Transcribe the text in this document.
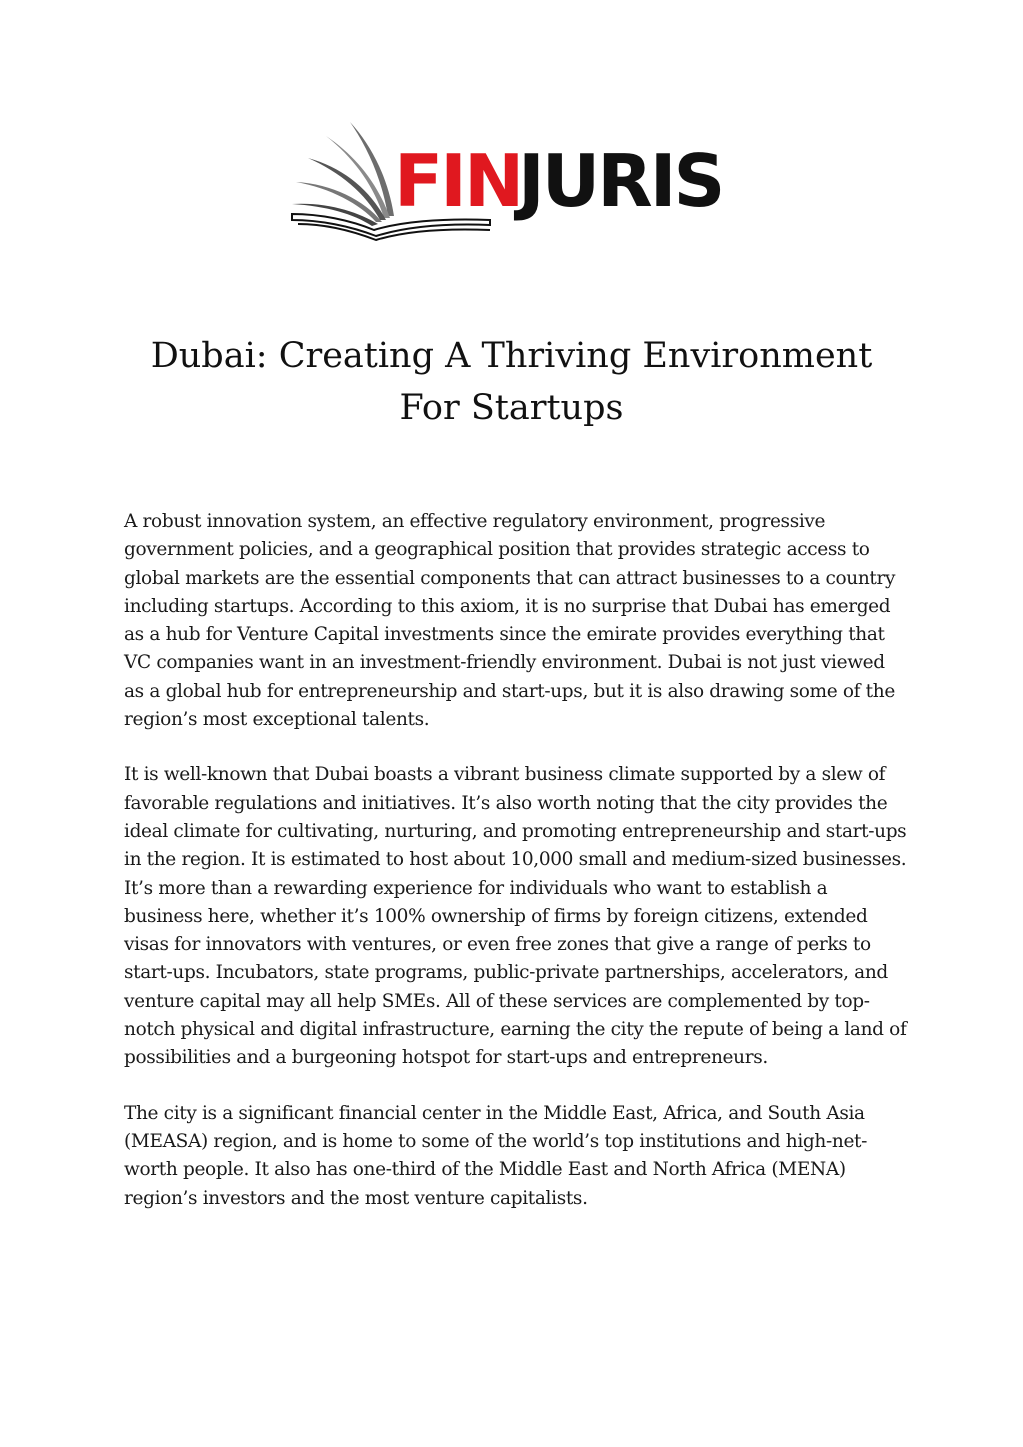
FIN
JURIS
Dubai: Creating A Thriving Environment
For Startups

A robust innovation system, an effective regulatory environment, progressive government policies, and a geographical position that provides strategic access to global markets are the essential components that can attract businesses to a country including startups. According to this axiom, it is no surprise that Dubai has emerged as a hub for Venture Capital investments since the emirate provides everything that VC companies want in an investment-friendly environment. Dubai is not just viewed as a global hub for entrepreneurship and start-ups, but it is also drawing some of the region’s most exceptional talents.

It is well-known that Dubai boasts a vibrant business climate supported by a slew of favorable regulations and initiatives. It’s also worth noting that the city provides the ideal climate for cultivating, nurturing, and promoting entrepreneurship and start-ups in the region. It is estimated to host about 10,000 small and medium-sized businesses. It’s more than a rewarding experience for individuals who want to establish a business here, whether it’s 100% ownership of firms by foreign citizens, extended visas for innovators with ventures, or even free zones that give a range of perks to start-ups. Incubators, state programs, public-private partnerships, accelerators, and venture capital may all help SMEs. All of these services are complemented by top-notch physical and digital infrastructure, earning the city the repute of being a land of possibilities and a burgeoning hotspot for start-ups and entrepreneurs.

The city is a significant financial center in the Middle East, Africa, and South Asia (MEASA) region, and is home to some of the world’s top institutions and high-net-worth people. It also has one-third of the Middle East and North Africa (MENA) region’s investors and the most venture capitalists.
